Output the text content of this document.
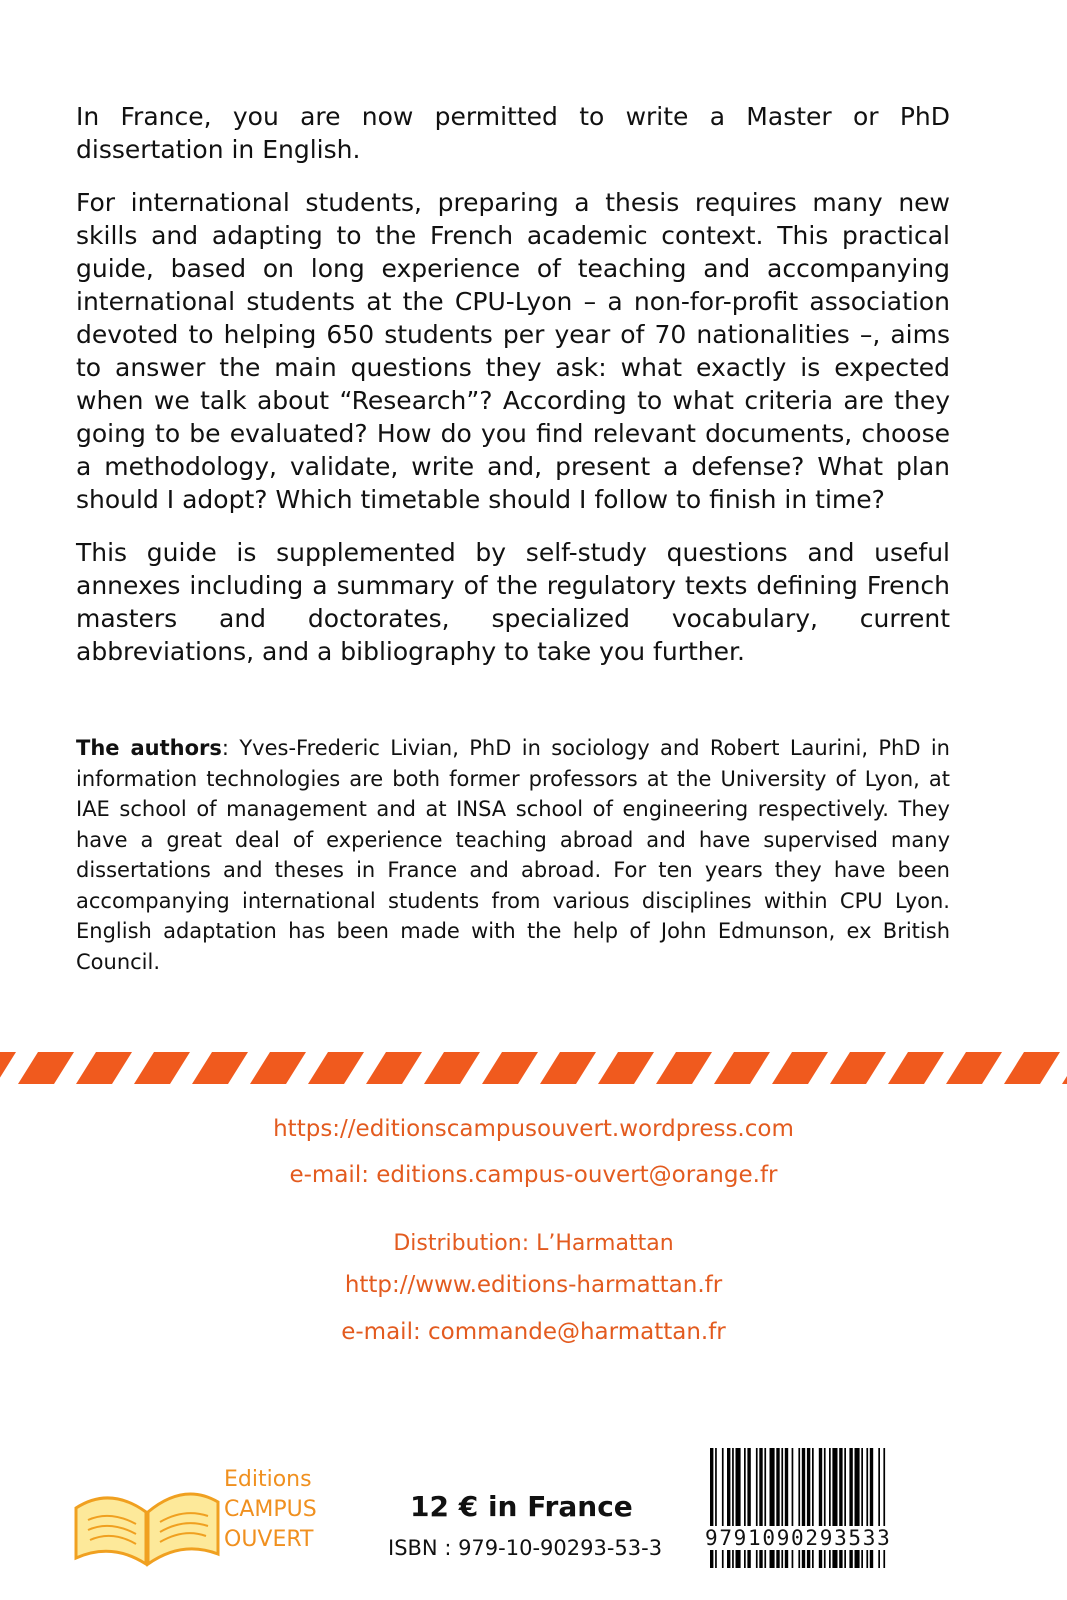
In France, you are now permitted to write a Master or PhD dissertation in English.

For international students, preparing a thesis requires many new skills and adapting to the French academic context. This practical guide, based on long experience of teaching and accompanying international students at the CPU-Lyon – a non-for-profit association devoted to helping 650 students per year of 70 nationalities –, aims to answer the main questions they ask: what exactly is expected when we talk about “Research”? According to what criteria are they going to be evaluated? How do you find relevant documents, choose a methodology, validate, write and, present a defense? What plan should I adopt? Which timetable should I follow to finish in time?

This guide is supplemented by self-study questions and useful annexes including a summary of the regulatory texts defining French masters and doctorates, specialized vocabulary, current abbreviations, and a bibliography to take you further.

The authors: Yves-Frederic Livian, PhD in sociology and Robert Laurini, PhD in information technologies are both former professors at the University of Lyon, at IAE school of management and at INSA school of engineering respectively. They have a great deal of experience teaching abroad and have supervised many dissertations and theses in France and abroad. For ten years they have been accompanying international students from various disciplines within CPU Lyon. English adaptation has been made with the help of John Edmunson, ex British Council.

https://editionscampusouvert.wordpress.com

e-mail: editions.campus-ouvert@orange.fr

Distribution: L’Harmattan

http://www.editions-harmattan.fr

e-mail: commande@harmattan.fr

Editions
CAMPUS
OUVERT

12 € in France

ISBN : 979-10-90293-53-3 9791090293533
